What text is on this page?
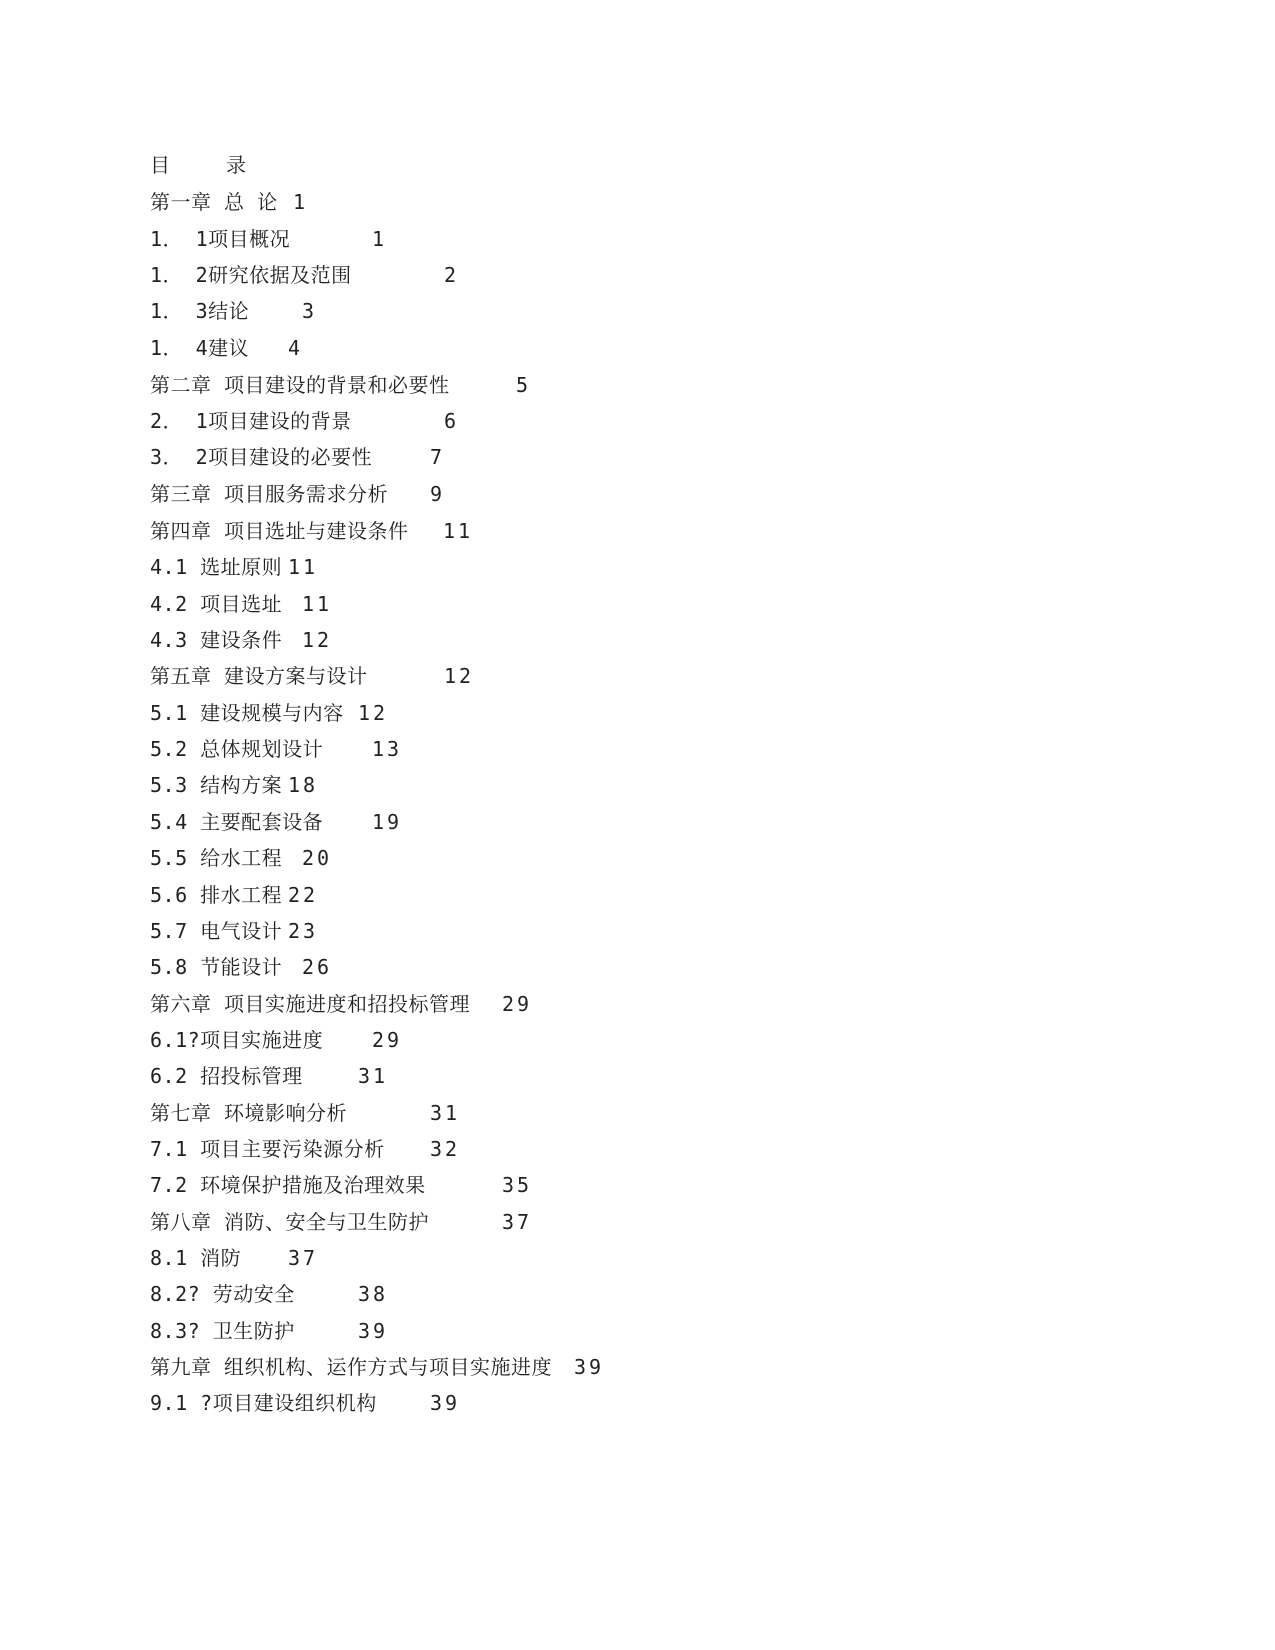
目 录
第一章 总 论 1
1． 1项目概况	1
1． 2研究依据及范围	2
1． 3结论	3
1． 4建议 4
第二章 项目建设的背景和必要性	5
2． 1项目建设的背景	6
3． 2项目建设的必要性	7
第三章 项目服务需求分析 9
第四章 项目选址与建设条件 11
4.1 选址原则 11
4.2 项目选址 11
4.3 建设条件 12
第五章 建设方案与设计	12
5.1 建设规模与内容 12
5.2 总体规划设计 13
5.3 结构方案 18
5.4 主要配套设备 19
5.5 给水工程 20
5.6 排水工程 22
5.7 电气设计 23
5.8 节能设计 26
第六章 项目实施进度和招投标管理 29
6.1?项目实施进度 29
6.2 招投标管理	31
第七章 环境影响分析	31
7.1 项目主要污染源分析 32
7.2 环境保护措施及治理效果	35
第八章 消防、安全与卫生防护	37
8.1 消防 37
8.2? 劳动安全	38
8.3? 卫生防护	39
第九章 组织机构、运作方式与项目实施进度 39
9.1 ?项目建设组织机构	39
